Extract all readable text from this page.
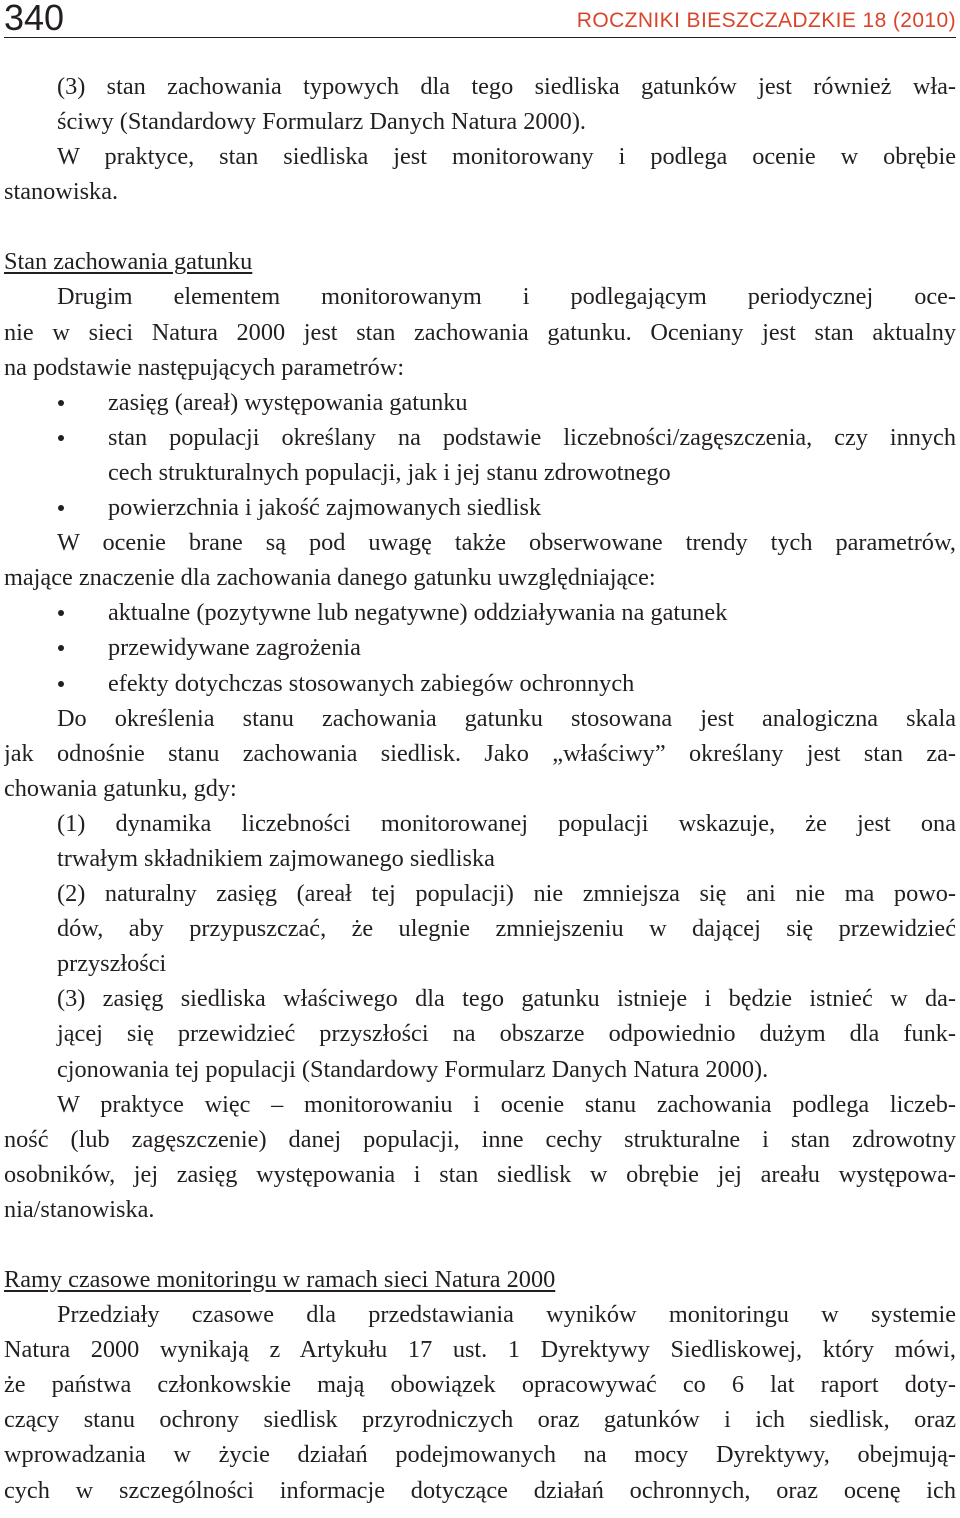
340	ROCZNIKI BIESZCZADZKIE 18 (2010)
(3) stan zachowania typowych dla tego siedliska gatunków jest również wła-
ściwy (Standardowy Formularz Danych Natura 2000).
W praktyce, stan siedliska jest monitorowany i podlega ocenie w obrębie
stanowiska.
Stan zachowania gatunku
Drugim elementem monitorowanym i podlegającym periodycznej oce-
nie w sieci Natura 2000 jest stan zachowania gatunku. Oceniany jest stan aktualny
na podstawie następujących parametrów:
zasięg (areał) występowania gatunku
stan populacji określany na podstawie liczebności/zagęszczenia, czy innych
cech strukturalnych populacji, jak i jej stanu zdrowotnego
powierzchnia i jakość zajmowanych siedlisk
W ocenie brane są pod uwagę także obserwowane trendy tych parametrów,
mające znaczenie dla zachowania danego gatunku uwzględniające:
aktualne (pozytywne lub negatywne) oddziaływania na gatunek
przewidywane zagrożenia
efekty dotychczas stosowanych zabiegów ochronnych
Do określenia stanu zachowania gatunku stosowana jest analogiczna skala
jak odnośnie stanu zachowania siedlisk. Jako „właściwy” określany jest stan za-
chowania gatunku, gdy:
(1) dynamika liczebności monitorowanej populacji wskazuje, że jest ona
trwałym składnikiem zajmowanego siedliska
(2) naturalny zasięg (areał tej populacji) nie zmniejsza się ani nie ma powo-
dów, aby przypuszczać, że ulegnie zmniejszeniu w dającej się przewidzieć
przyszłości
(3) zasięg siedliska właściwego dla tego gatunku istnieje i będzie istnieć w da-
jącej się przewidzieć przyszłości na obszarze odpowiednio dużym dla funk-
cjonowania tej populacji (Standardowy Formularz Danych Natura 2000).
W praktyce więc – monitorowaniu i ocenie stanu zachowania podlega liczeb-
ność (lub zagęszczenie) danej populacji, inne cechy strukturalne i stan zdrowotny
osobników, jej zasięg występowania i stan siedlisk w obrębie jej areału występowa-
nia/stanowiska.
Ramy czasowe monitoringu w ramach sieci Natura 2000
Przedziały czasowe dla przedstawiania wyników monitoringu w systemie
Natura 2000 wynikają z Artykułu 17 ust. 1 Dyrektywy Siedliskowej, który mówi,
że państwa członkowskie mają obowiązek opracowywać co 6 lat raport doty-
czący stanu ochrony siedlisk przyrodniczych oraz gatunków i ich siedlisk, oraz
wprowadzania w życie działań podejmowanych na mocy Dyrektywy, obejmują-
cych w szczególności informacje dotyczące działań ochronnych, oraz ocenę ich
